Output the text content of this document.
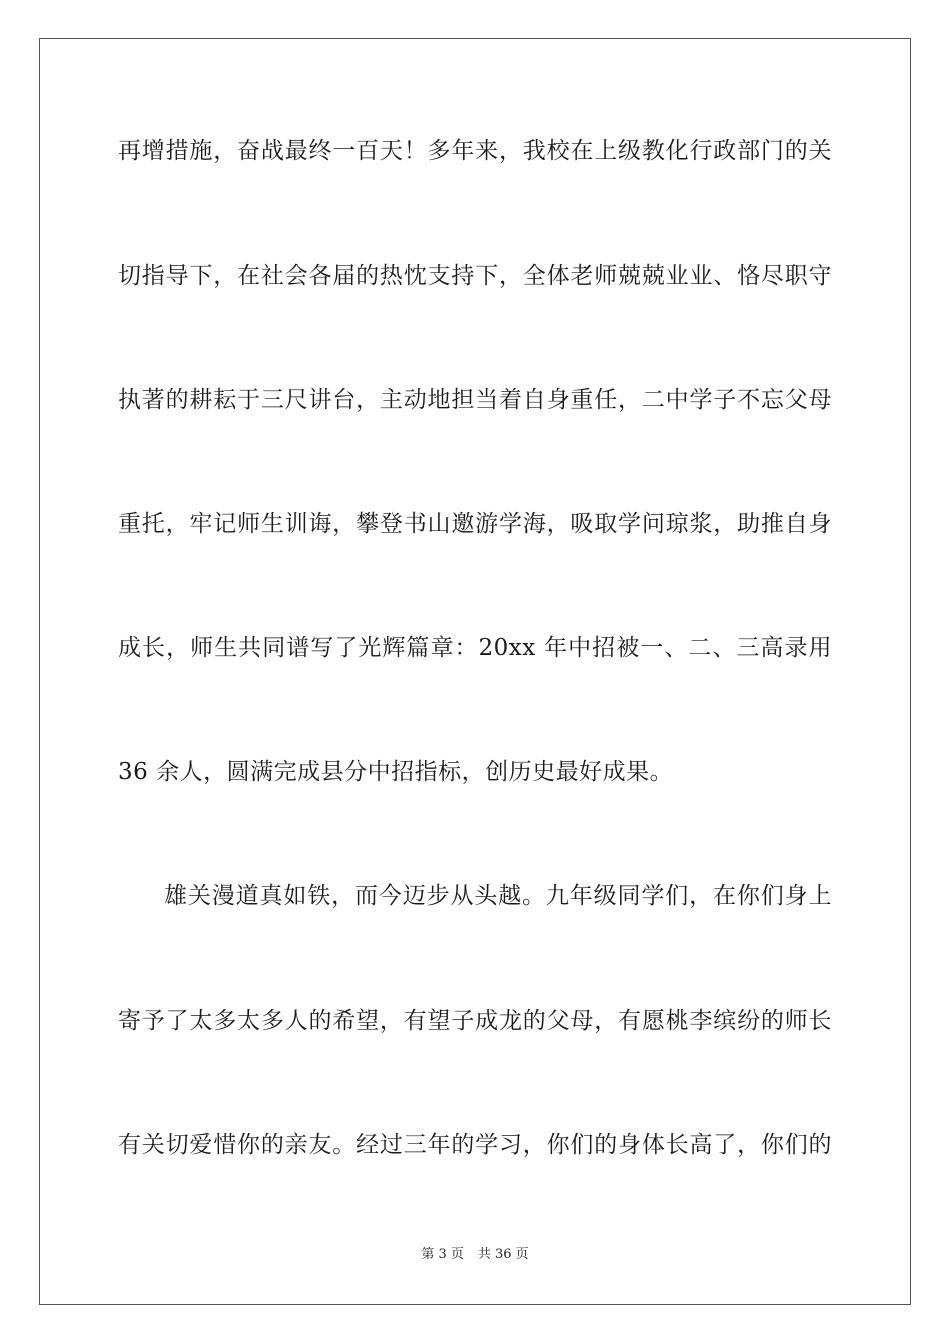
再增措施，奋战最终一百天！多年来，我校在上级教化行政部门的关
切指导下，在社会各届的热忱支持下，全体老师兢兢业业、恪尽职守
执著的耕耘于三尺讲台，主动地担当着自身重任，二中学子不忘父母
重托，牢记师生训诲，攀登书山邀游学海，吸取学问琼浆，助推自身
成长，师生共同谱写了光辉篇章：20xx 年中招被一、二、三高录用
36 余人，圆满完成县分中招指标，创历史最好成果。
雄关漫道真如铁，而今迈步从头越。九年级同学们，在你们身上
寄予了太多太多人的希望，有望子成龙的父母，有愿桃李缤纷的师长
有关切爱惜你的亲友。经过三年的学习，你们的身体长高了，你们的
第 3 页 共 36 页
